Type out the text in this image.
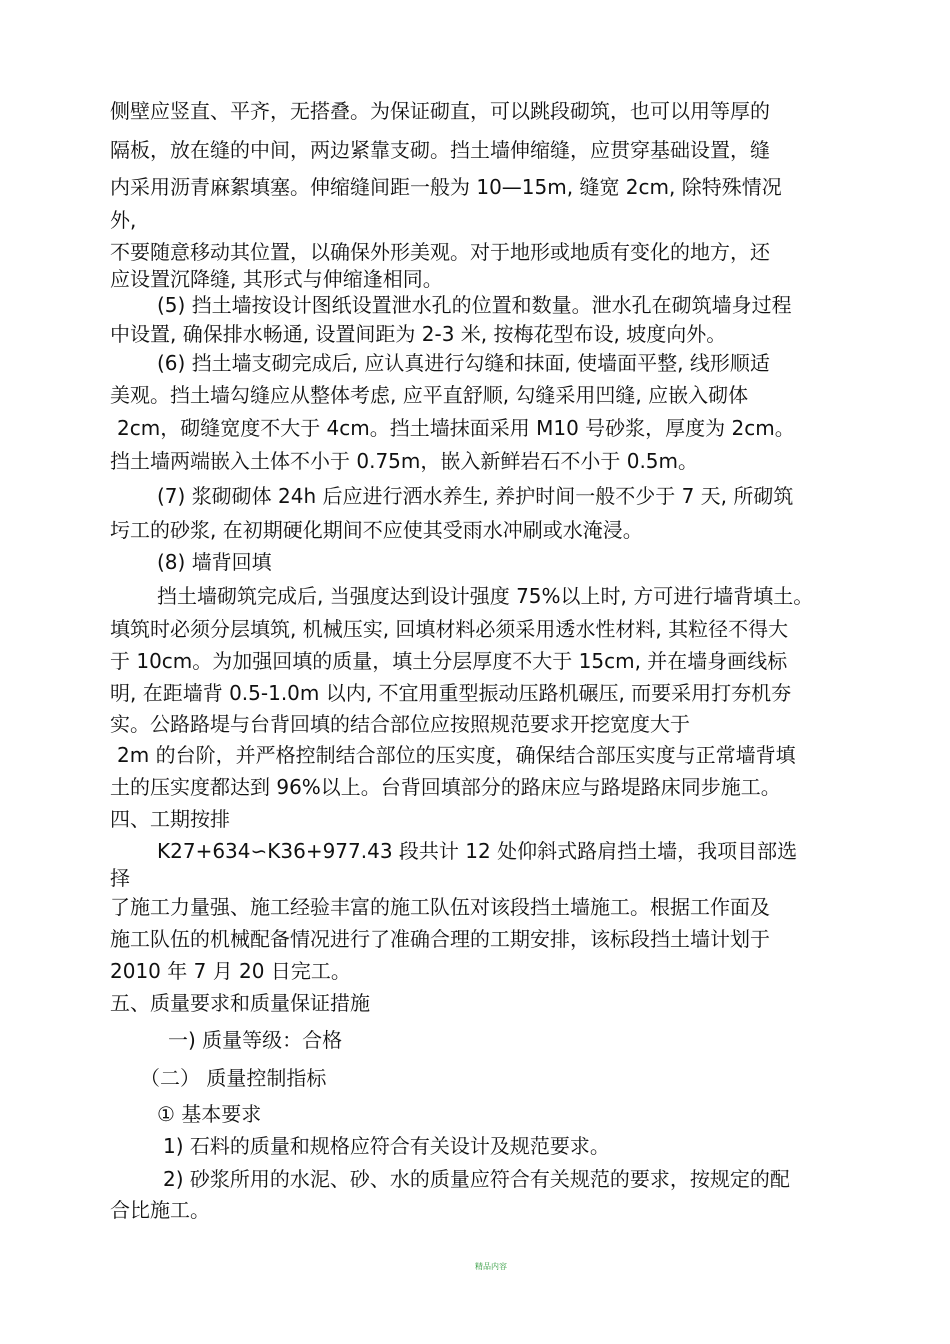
侧壁应竖直、平齐，无搭叠。为保证砌直，可以跳段砌筑，也可以用等厚的
隔板，放在缝的中间，两边紧靠支砌。挡土墙伸缩缝，应贯穿基础设置，缝
内采用沥青麻絮填塞。伸缩缝间距一般为 10—15m, 缝宽 2cm, 除特殊情况
外,
不要随意移动其位置，以确保外形美观。对于地形或地质有变化的地方，还
应设置沉降缝, 其形式与伸缩逢相同。
(5) 挡土墙按设计图纸设置泄水孔的位置和数量。泄水孔在砌筑墙身过程
中设置, 确保排水畅通, 设置间距为 2-3 米, 按梅花型布设, 坡度向外。
(6) 挡土墙支砌完成后, 应认真进行勾缝和抹面, 使墙面平整, 线形顺适
美观。挡土墙勾缝应从整体考虑, 应平直舒顺, 勾缝采用凹缝, 应嵌入砌体
2cm，砌缝宽度不大于 4cm。挡土墙抹面采用 M10 号砂浆，厚度为 2cm。
挡土墙两端嵌入土体不小于 0.75m，嵌入新鲜岩石不小于 0.5m。
(7) 浆砌砌体 24h 后应进行洒水养生, 养护时间一般不少于 7 天, 所砌筑
圬工的砂浆, 在初期硬化期间不应使其受雨水冲刷或水淹浸。
(8) 墙背回填
挡土墙砌筑完成后, 当强度达到设计强度 75%以上时, 方可进行墙背填土。
填筑时必须分层填筑, 机械压实, 回填材料必须采用透水性材料, 其粒径不得大
于 10cm。为加强回填的质量，填土分层厚度不大于 15cm, 并在墙身画线标
明, 在距墙背 0.5-1.0m 以内, 不宜用重型振动压路机碾压, 而要采用打夯机夯
实。公路路堤与台背回填的结合部位应按照规范要求开挖宽度大于
2m 的台阶，并严格控制结合部位的压实度，确保结合部压实度与正常墙背填
土的压实度都达到 96%以上。台背回填部分的路床应与路堤路床同步施工。
四、工期按排
K27+634∽K36+977.43 段共计 12 处仰斜式路肩挡土墙，我项目部选
择
了施工力量强、施工经验丰富的施工队伍对该段挡土墙施工。根据工作面及
施工队伍的机械配备情况进行了准确合理的工期安排，该标段挡土墙计划于
2010 年 7 月 20 日完工。
五、质量要求和质量保证措施
一) 质量等级：合格
（二） 质量控制指标
① 基本要求
1) 石料的质量和规格应符合有关设计及规范要求。
2) 砂浆所用的水泥、砂、水的质量应符合有关规范的要求，按规定的配
合比施工。
精品内容
